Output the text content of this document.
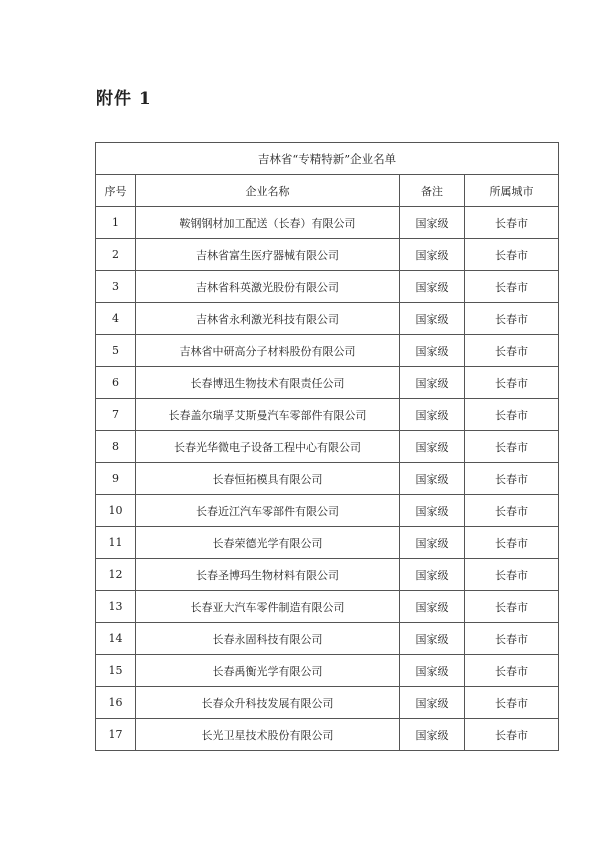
附件 1
吉林省“专精特新”企业名单			
序号	企业名称	备注	所属城市
1	鞍钢钢材加工配送（长春）有限公司	国家级	长春市
2	吉林省富生医疗器械有限公司	国家级	长春市
3	吉林省科英激光股份有限公司	国家级	长春市
4	吉林省永利激光科技有限公司	国家级	长春市
5	吉林省中研高分子材料股份有限公司	国家级	长春市
6	长春博迅生物技术有限责任公司	国家级	长春市
7	长春盖尔瑞孚艾斯曼汽车零部件有限公司	国家级	长春市
8	长春光华微电子设备工程中心有限公司	国家级	长春市
9	长春恒拓模具有限公司	国家级	长春市
10	长春近江汽车零部件有限公司	国家级	长春市
11	长春荣德光学有限公司	国家级	长春市
12	长春圣博玛生物材料有限公司	国家级	长春市
13	长春亚大汽车零件制造有限公司	国家级	长春市
14	长春永固科技有限公司	国家级	长春市
15	长春禹衡光学有限公司	国家级	长春市
16	长春众升科技发展有限公司	国家级	长春市
17	长光卫星技术股份有限公司	国家级	长春市
